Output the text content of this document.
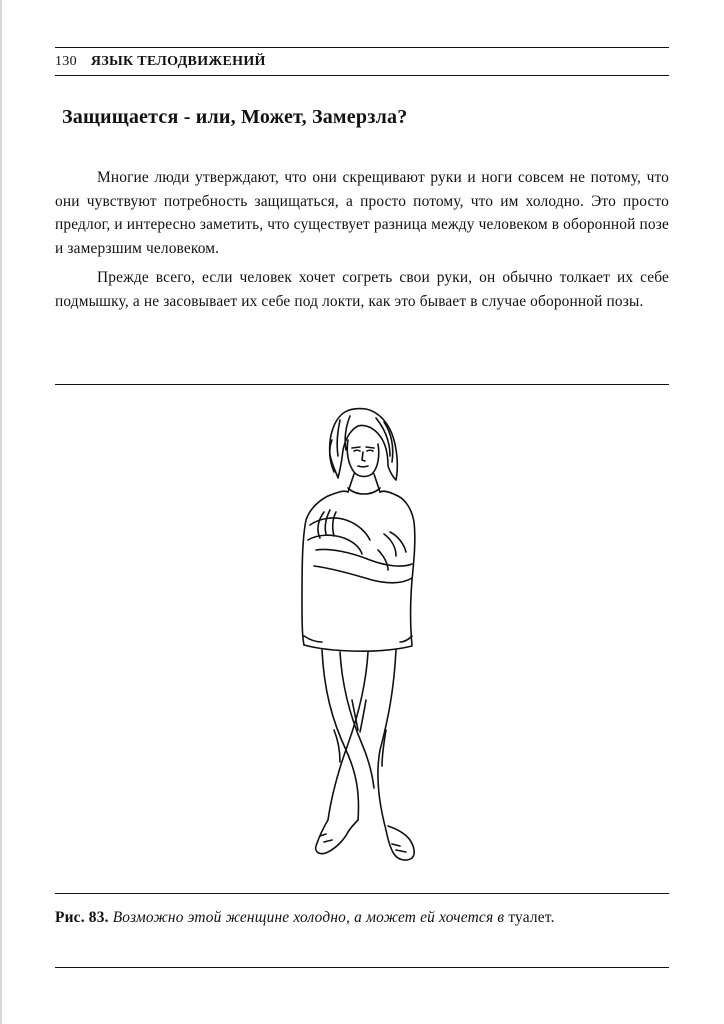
130 ЯЗЫК ТЕЛОДВИЖЕНИЙ
Защищается - или, Может, Замерзла?

Многие люди утверждают, что они скрещивают руки и ноги совсем не потому, что они чувствуют потребность защищаться, а просто потому, что им холодно. Это просто предлог, и интересно заметить, что существует разница между человеком в оборонной позе и замерзшим человеком.

Прежде всего, если человек хочет согреть свои руки, он обычно толкает их себе подмышку, а не засовывает их себе под локти, как это бывает в случае оборонной позы.

Рис. 83. Возможно этой женщине холодно, а может ей хочется в туалет.
